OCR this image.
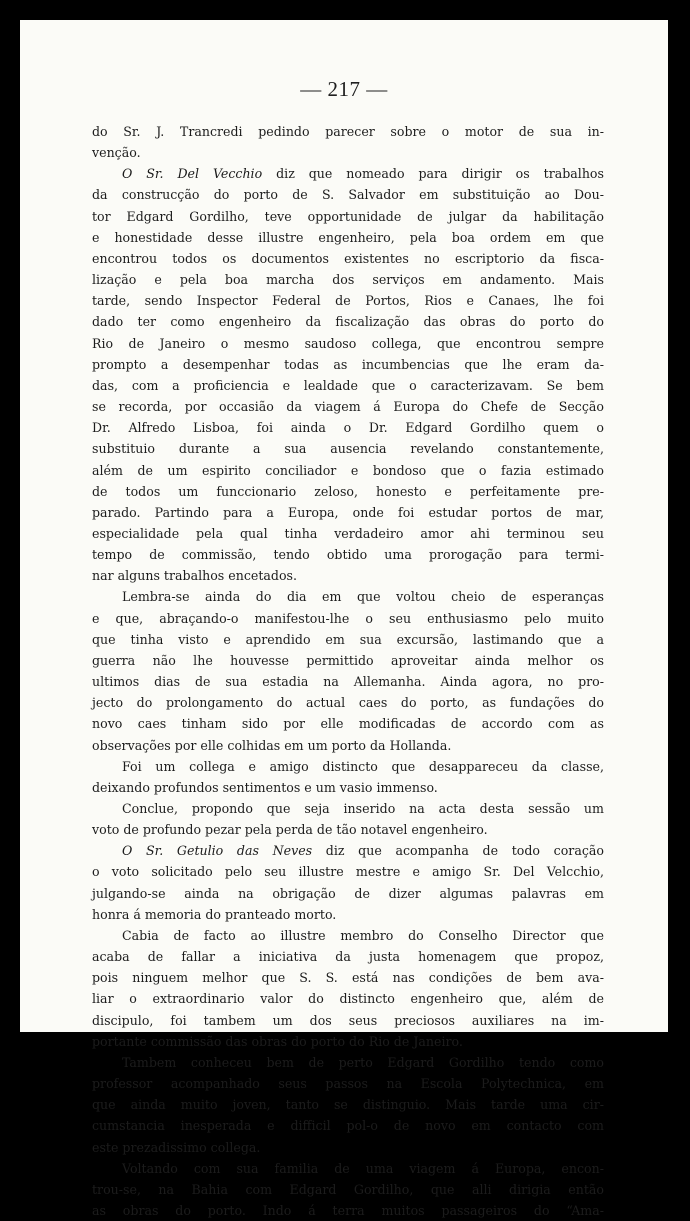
— 217 —
do Sr. J. Trancredi pedindo parecer sobre o motor de sua in-
venção.
O Sr. Del Vecchio diz que nomeado para dirigir os trabalhos
da construcção do porto de S. Salvador em substituição ao Dou-
tor Edgard Gordilho, teve opportunidade de julgar da habilitação
e honestidade desse illustre engenheiro, pela boa ordem em que
encontrou todos os documentos existentes no escriptorio da fisca-
lização e pela boa marcha dos serviços em andamento. Mais
tarde, sendo Inspector Federal de Portos, Rios e Canaes, lhe foi
dado ter como engenheiro da fiscalização das obras do porto do
Rio de Janeiro o mesmo saudoso collega, que encontrou sempre
prompto a desempenhar todas as incumbencias que lhe eram da-
das, com a proficiencia e lealdade que o caracterizavam. Se bem
se recorda, por occasião da viagem á Europa do Chefe de Secção
Dr. Alfredo Lisboa, foi ainda o Dr. Edgard Gordilho quem o
substituio durante a sua ausencia revelando constantemente,
além de um espirito conciliador e bondoso que o fazia estimado
de todos um funccionario zeloso, honesto e perfeitamente pre-
parado. Partindo para a Europa, onde foi estudar portos de mar,
especialidade pela qual tinha verdadeiro amor ahi terminou seu
tempo de commissão, tendo obtido uma prorogação para termi-
nar alguns trabalhos encetados.
Lembra-se ainda do dia em que voltou cheio de esperanças
e que, abraçando-o manifestou-lhe o seu enthusiasmo pelo muito
que tinha visto e aprendido em sua excursão, lastimando que a
guerra não lhe houvesse permittido aproveitar ainda melhor os
ultimos dias de sua estadia na Allemanha. Ainda agora, no pro-
jecto do prolongamento do actual caes do porto, as fundações do
novo caes tinham sido por elle modificadas de accordo com as
observações por elle colhidas em um porto da Hollanda.
Foi um collega e amigo distincto que desappareceu da classe,
deixando profundos sentimentos e um vasio immenso.
Conclue, propondo que seja inserido na acta desta sessão um
voto de profundo pezar pela perda de tão notavel engenheiro.
O Sr. Getulio das Neves diz que acompanha de todo coração
o voto solicitado pelo seu illustre mestre e amigo Sr. Del Velcchio,
julgando-se ainda na obrigação de dizer algumas palavras em
honra á memoria do pranteado morto.
Cabia de facto ao illustre membro do Conselho Director que
acaba de fallar a iniciativa da justa homenagem que propoz,
pois ninguem melhor que S. S. está nas condições de bem ava-
liar o extraordinario valor do distincto engenheiro que, além de
discipulo, foi tambem um dos seus preciosos auxiliares na im-
portante commissão das obras do porto do Rio de Janeiro.
Tambem conheceu bem de perto Edgard Gordilho tendo como
professor acompanhado seus passos na Escola Polytechnica, em
que ainda muito joven, tanto se distinguio. Mais tarde uma cir-
cumstancia inesperada e difficil pol-o de novo em contacto com
este prezadissimo collega.
Voltando com sua familia de uma viagem á Europa, encon-
trou-se, na Bahia com Edgard Gordilho, que alli dirigia então
as obras do porto. Indo á terra muitos passageiros do “Ama-
